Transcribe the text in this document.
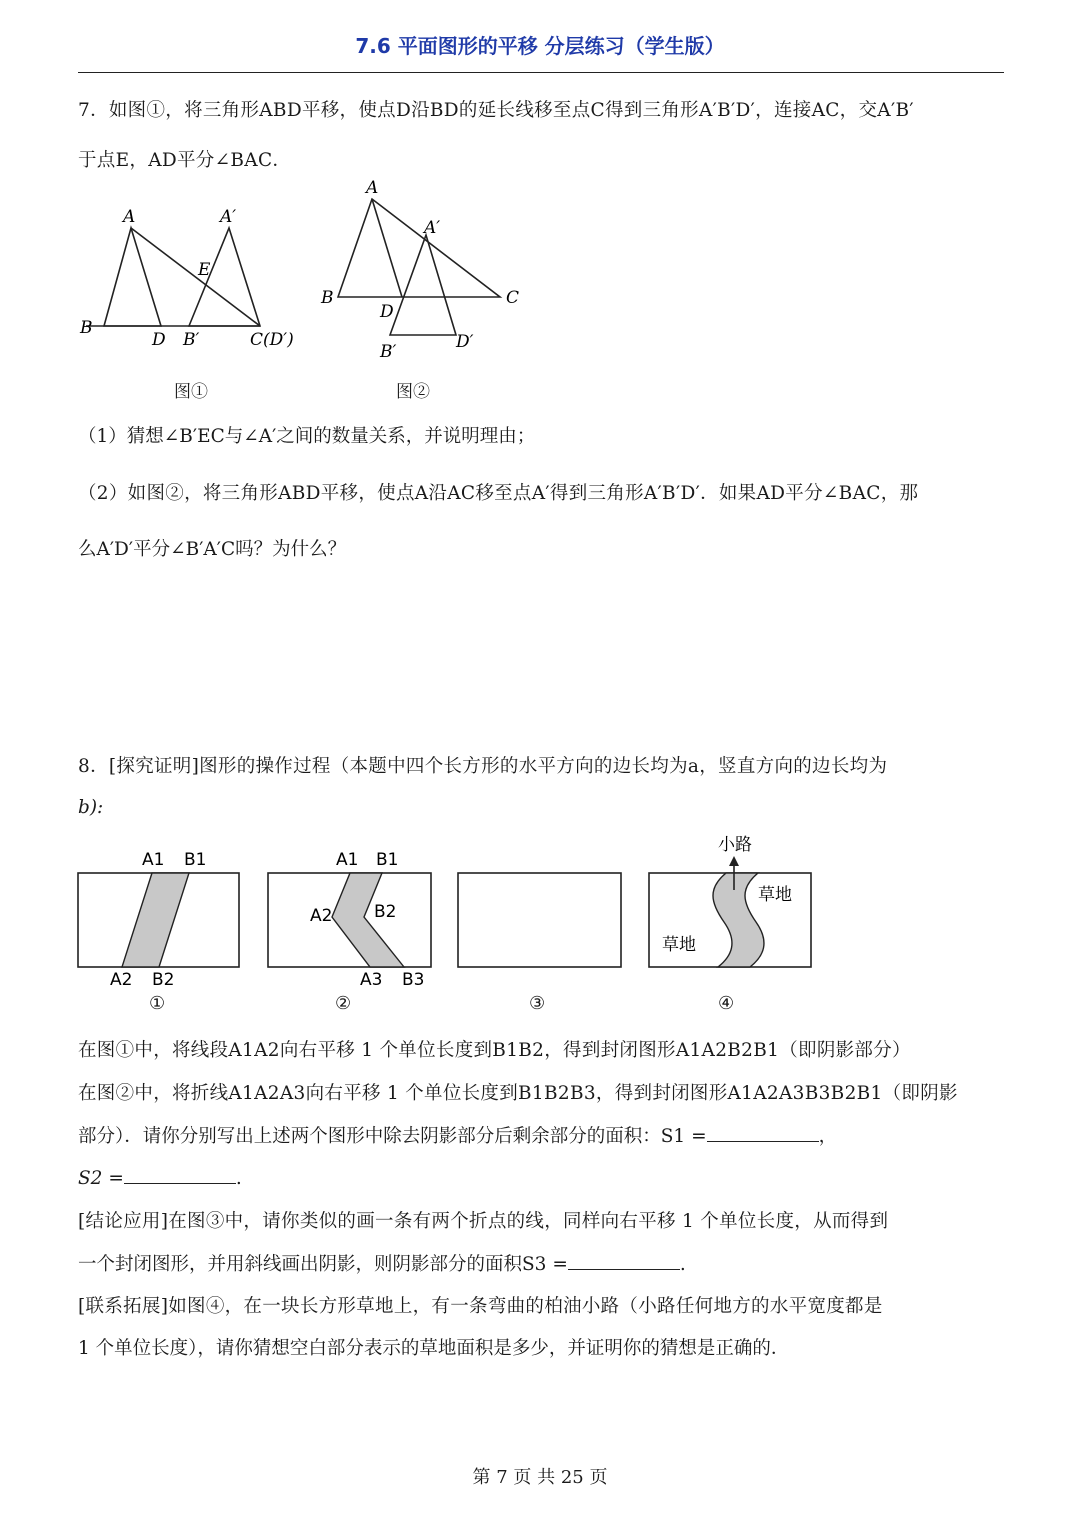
7.6 平面图形的平移 分层练习（学生版）
7．如图①，将三角形ABD平移，使点D沿BD的延长线移至点C得到三角形A′B′D′，连接AC，交A′B′
于点E，AD平分∠BAC．
A	A′
E
B
D B′	C(D′)
图①
A
A′
B	C
D
B′	D′
图②
（1）猜想∠B′EC与∠A′之间的数量关系，并说明理由；
（2）如图②，将三角形ABD平移，使点A沿AC移至点A′得到三角形A′B′D′．如果AD平分∠BAC，那
么A′D′平分∠B′A′C吗？为什么？
8．[探究证明]图形的操作过程（本题中四个长方形的水平方向的边长均为a，竖直方向的边长均为
b):
A1 B1
A2 B2
①
A1 B1
A2 B2
A3 B3
②	③
小路
草地
草地
④
在图①中，将线段A1A2向右平移 1 个单位长度到B1B2，得到封闭图形A1A2B2B1（即阴影部分）
在图②中，将折线A1A2A3向右平移 1 个单位长度到B1B2B3，得到封闭图形A1A2A3B3B2B1（即阴影
部分）．请你分别写出上述两个图形中除去阴影部分后剩余部分的面积：S1 =	，
S2 =	.
[结论应用]在图③中，请你类似的画一条有两个折点的线，同样向右平移 1 个单位长度，从而得到
一个封闭图形，并用斜线画出阴影，则阴影部分的面积S3 =	.
[联系拓展]如图④，在一块长方形草地上，有一条弯曲的柏油小路（小路任何地方的水平宽度都是
1 个单位长度），请你猜想空白部分表示的草地面积是多少，并证明你的猜想是正确的．
第 7 页 共 25 页
